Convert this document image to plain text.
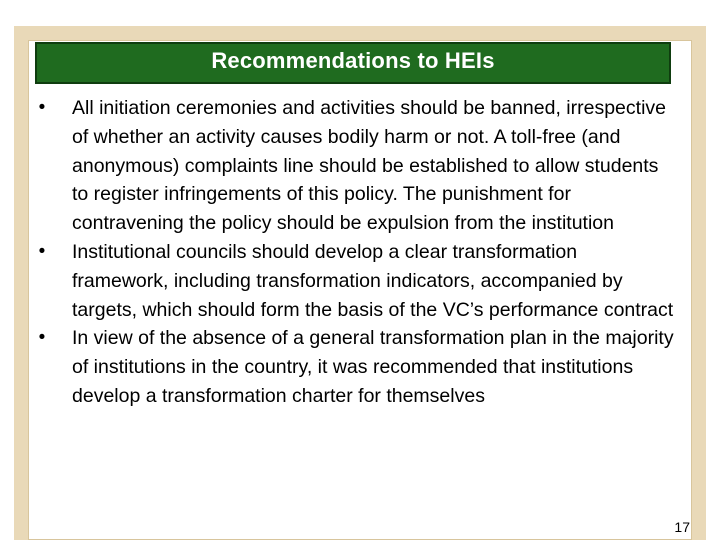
Recommendations to HEIs
• All initiation ceremonies and activities should be banned, irrespective of whether an activity causes bodily harm or not. A toll-free (and anonymous) complaints line should be established to allow students to register infringements of this policy. The punishment for contravening the policy should be expulsion from the institution
• Institutional councils should develop a clear transformation framework, including transformation indicators, accompanied by targets, which should form the basis of the VC’s performance contract
• In view of the absence of a general transformation plan in the majority of institutions in the country, it was recommended that institutions develop a transformation charter for themselves
17
